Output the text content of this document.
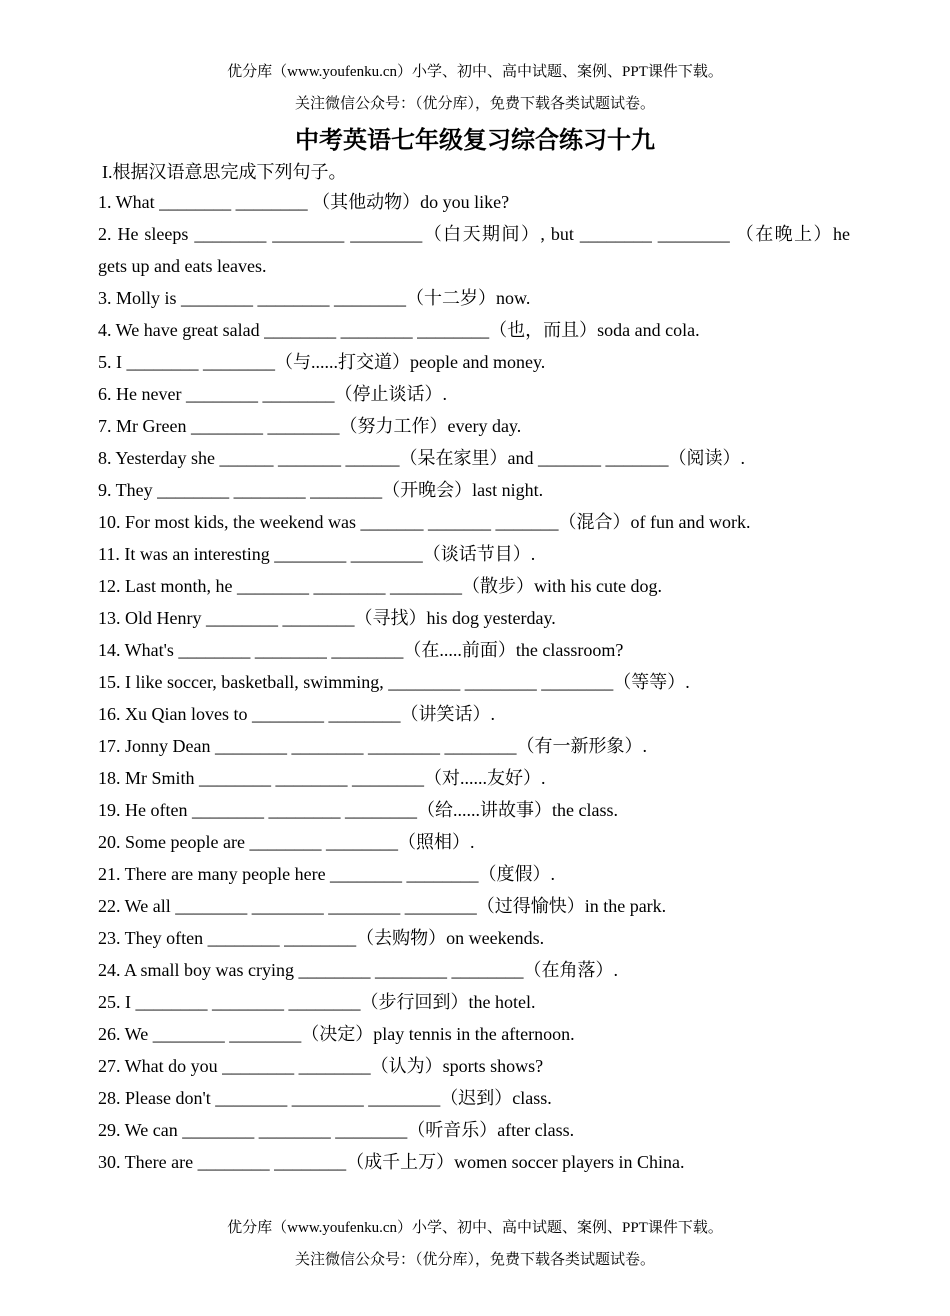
优分库（www.youfenku.cn）小学、初中、高中试题、案例、PPT课件下载。
关注微信公众号：（优分库），免费下载各类试题试卷。
中考英语七年级复习综合练习十九
I.根据汉语意思完成下列句子。

1. What ________ ________ （其他动物）do you like?

2. He sleeps ________ ________ ________（白天期间）, but ________ ________ （在晚上）he gets up and eats leaves.

3. Molly is ________ ________ ________（十二岁）now.

4. We have great salad ________ ________ ________（也，而且）soda and cola.

5. I ________ ________（与......打交道）people and money.

6. He never ________ ________（停止谈话）.

7. Mr Green ________ ________（努力工作）every day.

8. Yesterday she ______ _______ ______（呆在家里）and _______ _______（阅读）.

9. They ________ ________ ________（开晚会）last night.

10. For most kids, the weekend was _______ _______ _______（混合）of fun and work.

11. It was an interesting ________ ________（谈话节目）.

12. Last month, he ________ ________ ________（散步）with his cute dog.

13. Old Henry ________ ________（寻找）his dog yesterday.

14. What's ________ ________ ________（在.....前面）the classroom?

15. I like soccer, basketball, swimming, ________ ________ ________（等等）.

16. Xu Qian loves to ________ ________（讲笑话）.

17. Jonny Dean ________ ________ ________ ________（有一新形象）.

18. Mr Smith ________ ________ ________（对......友好）.

19. He often ________ ________ ________（给......讲故事）the class.

20. Some people are ________ ________（照相）.

21. There are many people here ________ ________（度假）.

22. We all ________ ________ ________ ________（过得愉快）in the park.

23. They often ________ ________（去购物）on weekends.

24. A small boy was crying ________ ________ ________（在角落）.

25. I ________ ________ ________（步行回到）the hotel.

26. We ________ ________（决定）play tennis in the afternoon.

27. What do you ________ ________（认为）sports shows?

28. Please don't ________ ________ ________（迟到）class.

29. We can ________ ________ ________（听音乐）after class.

30. There are ________ ________（成千上万）women soccer players in China.

优分库（www.youfenku.cn）小学、初中、高中试题、案例、PPT课件下载。
关注微信公众号：（优分库），免费下载各类试题试卷。
